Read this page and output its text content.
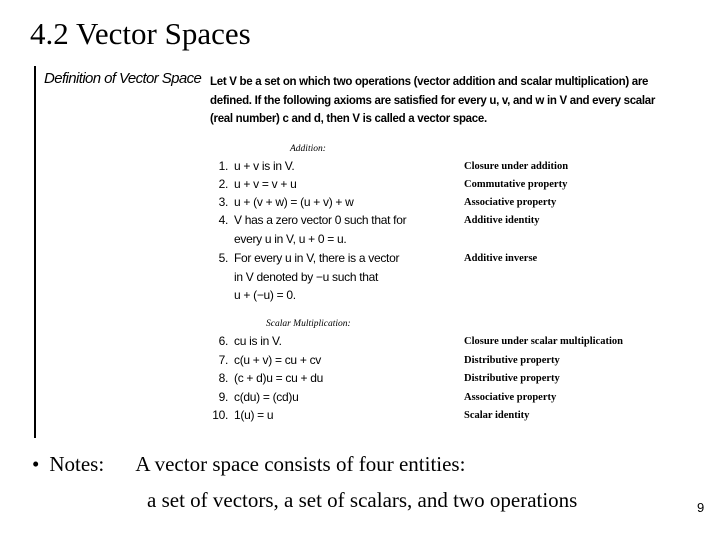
4.2 Vector Spaces
Definition of Vector Space Let V be a set on which two operations (vector addition and scalar multiplication) are
defined. If the following axioms are satisfied for every u, v, and w in V and every scalar
(real number) c and d, then V is called a vector space.
Addition:
1. u + v is in V.	Closure under addition
2. u + v = v + u	Commutative property
3. u + (v + w) = (u + v) + w	Associative property
4. V has a zero vector 0 such that for
every u in V, u + 0 = u.
Additive identity
5. For every u in V, there is a vector
in V denoted by −u such that
u + (−u) = 0.
Additive inverse
Scalar Multiplication:
6. cu is in V.	Closure under scalar multiplication
7. c(u + v) = cu + cv	Distributive property
8. (c + d)u = cu + du	Distributive property
9. c(du) = (cd)u	Associative property
10. 1(u) = u	Scalar identity
• Notes: A vector space consists of four entities:
a set of vectors, a set of scalars, and two operations	9
